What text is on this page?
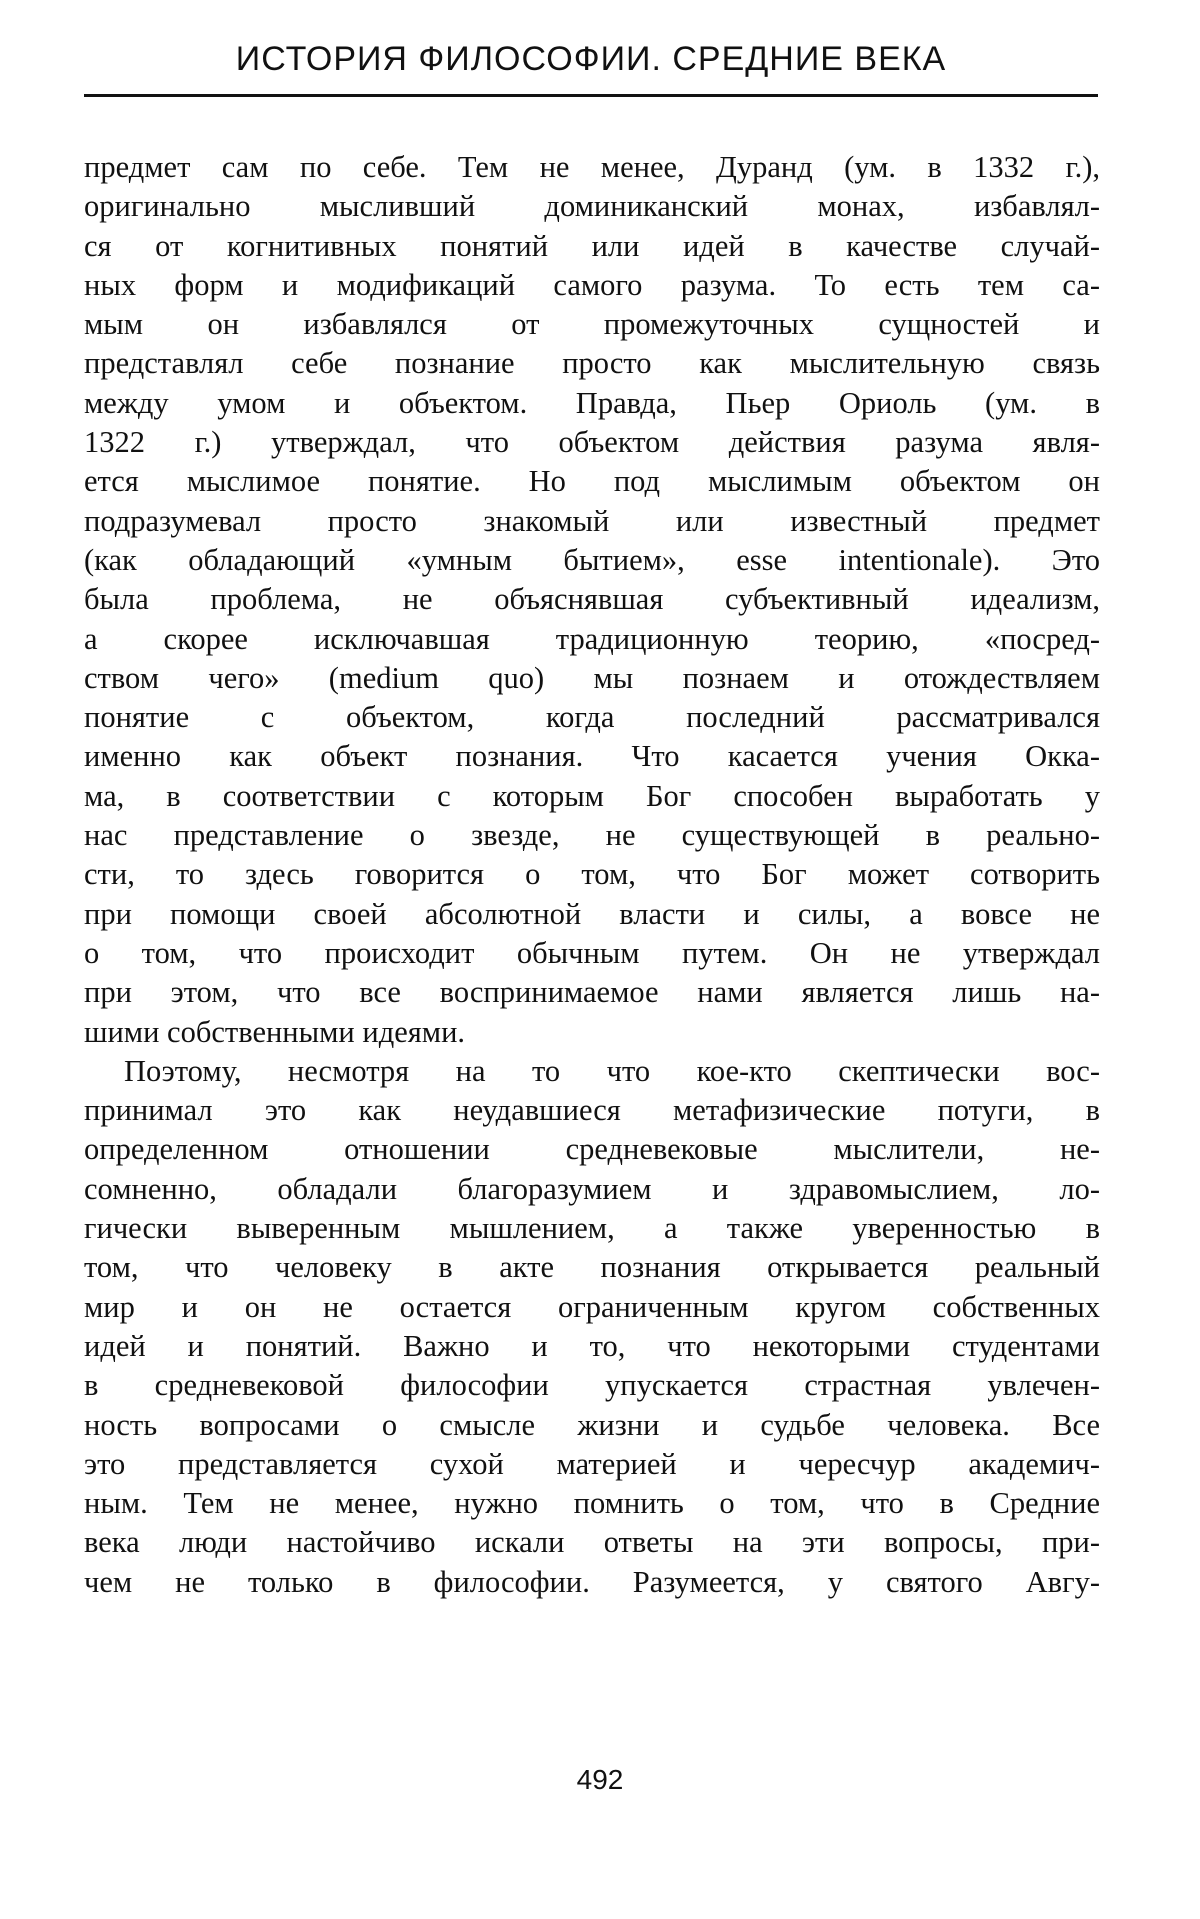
ИСТОРИЯ ФИЛОСОФИИ. СРЕДНИЕ ВЕКА
предмет сам по себе. Тем не менее, Дуранд (ум. в 1332 г.),
оригинально мысливший доминиканский монах, избавлял-
ся от когнитивных понятий или идей в качестве случай-
ных форм и модификаций самого разума. То есть тем са-
мым он избавлялся от промежуточных сущностей и
представлял себе познание просто как мыслительную связь
между умом и объектом. Правда, Пьер Ориоль (ум. в
1322 г.) утверждал, что объектом действия разума явля-
ется мыслимое понятие. Но под мыслимым объектом он
подразумевал просто знакомый или известный предмет
(как обладающий «умным бытием», esse intentionale). Это
была проблема, не объяснявшая субъективный идеализм,
а скорее исключавшая традиционную теорию, «посред-
ством чего» (medium quo) мы познаем и отождествляем
понятие с объектом, когда последний рассматривался
именно как объект познания. Что касается учения Окка-
ма, в соответствии с которым Бог способен выработать у
нас представление о звезде, не существующей в реально-
сти, то здесь говорится о том, что Бог может сотворить
при помощи своей абсолютной власти и силы, а вовсе не
о том, что происходит обычным путем. Он не утверждал
при этом, что все воспринимаемое нами является лишь на-
шими собственными идеями.
Поэтому, несмотря на то что кое-кто скептически вос-
принимал это как неудавшиеся метафизические потуги, в
определенном отношении средневековые мыслители, не-
сомненно, обладали благоразумием и здравомыслием, ло-
гически выверенным мышлением, а также уверенностью в
том, что человеку в акте познания открывается реальный
мир и он не остается ограниченным кругом собственных
идей и понятий. Важно и то, что некоторыми студентами
в средневековой философии упускается страстная увлечен-
ность вопросами о смысле жизни и судьбе человека. Все
это представляется сухой материей и чересчур академич-
ным. Тем не менее, нужно помнить о том, что в Средние
века люди настойчиво искали ответы на эти вопросы, при-
чем не только в философии. Разумеется, у святого Авгу-
492
